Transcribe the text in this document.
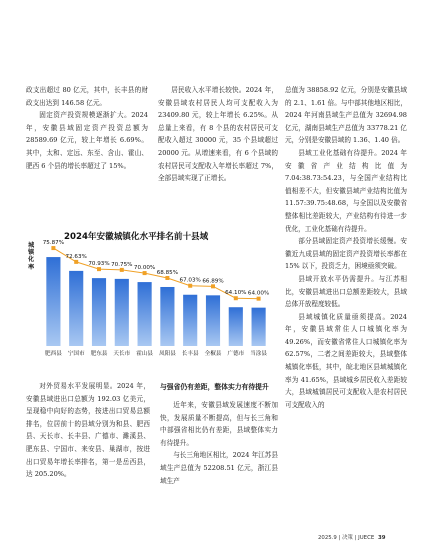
政支出超过 80 亿元，其中，长丰县的财政支出达到 146.58 亿元。

固定资产投资规模逐渐扩大。2024 年，安徽县域固定资产投资总额为 28589.69 亿元，较上年增长 6.69%。其中，太和、定远、东至、含山、霍山、肥西 6 个县的增长率超过了 15%。

居民收入水平增长较快。2024 年，安徽县域农村居民人均可支配收入为 23409.80 元，较上年增长 6.25%。从总量上来看，有 8 个县的农村居民可支配收入超过 30000 元，35 个县域超过 20000 元。从增速来看，有 6 个县域的农村居民可支配收入年增长率超过 7%，全部县域实现了正增长。

总值为 38858.92 亿元，分别是安徽县域的 2.1、1.61 倍。与中部其他地区相比，2024 年河南县域生产总值为 32694.98 亿元，湖南县域生产总值为 33778.21 亿元，分别是安徽县域的 1.36、1.40 倍。

县域工业化基础有待提升。2024 年安徽省产业结构比值为 7.04:38.73:54.23，与全国产业结构比值相差不大，但安徽县域产业结构比值为 11.57:39.75:48.68，与全国以及安徽省整体相比差距较大，产业结构有待进一步优化，工业化基础有待提升。

部分县域固定资产投资增长缓慢。安徽近九成县域的固定资产投资增长率都在 15% 以下，投资乏力，困境亟须突破。

县域开放水平仍需提升。与江苏相比，安徽县域进出口总额差距较大，县域总体开放程度较低。

县域城镇化质量亟须提高。2024 年，安徽县域常住人口城镇化率为 49.26%，而安徽省常住人口城镇化率为 62.57%，二者之间差距较大，县域整体城镇化率低，其中，皖北地区县域城镇化率为 41.65%，县域城乡居民收入差距较大，县域城镇居民可支配收入是农村居民可支配收入的

2024年安徽城镇化水平排名前十县域
城镇化率
75.87%
72.63%
70.93% 70.75%
70.00%
68.85%
67.03% 66.89%
64.10% 64.00%
肥西县 宁国市 肥东县 天长市 霍山县 凤阳县 长丰县 全椒县 广德市 当涂县

对外贸易水平发展明显。2024 年，安徽县域进出口总额为 192.03 亿美元，呈现稳中向好的态势，按进出口贸易总额排名，位居前十的县域分别为和县、肥西县、天长市、长丰县、广德市、濉溪县、肥东县、宁国市、来安县、巢湖市，按进出口贸易年增长率排名，第一是岳西县，达 205.20%。

与强省仍有差距，整体实力有待提升

近年来，安徽县域发展速度不断加快，发展质量不断提高，但与长三角和中部强省相比仍有差距，县域整体实力有待提升。

与长三角地区相比，2024 年江苏县域生产总值为 52208.51 亿元，浙江县域生产

2025.9 | 决策 | JUECE 39
